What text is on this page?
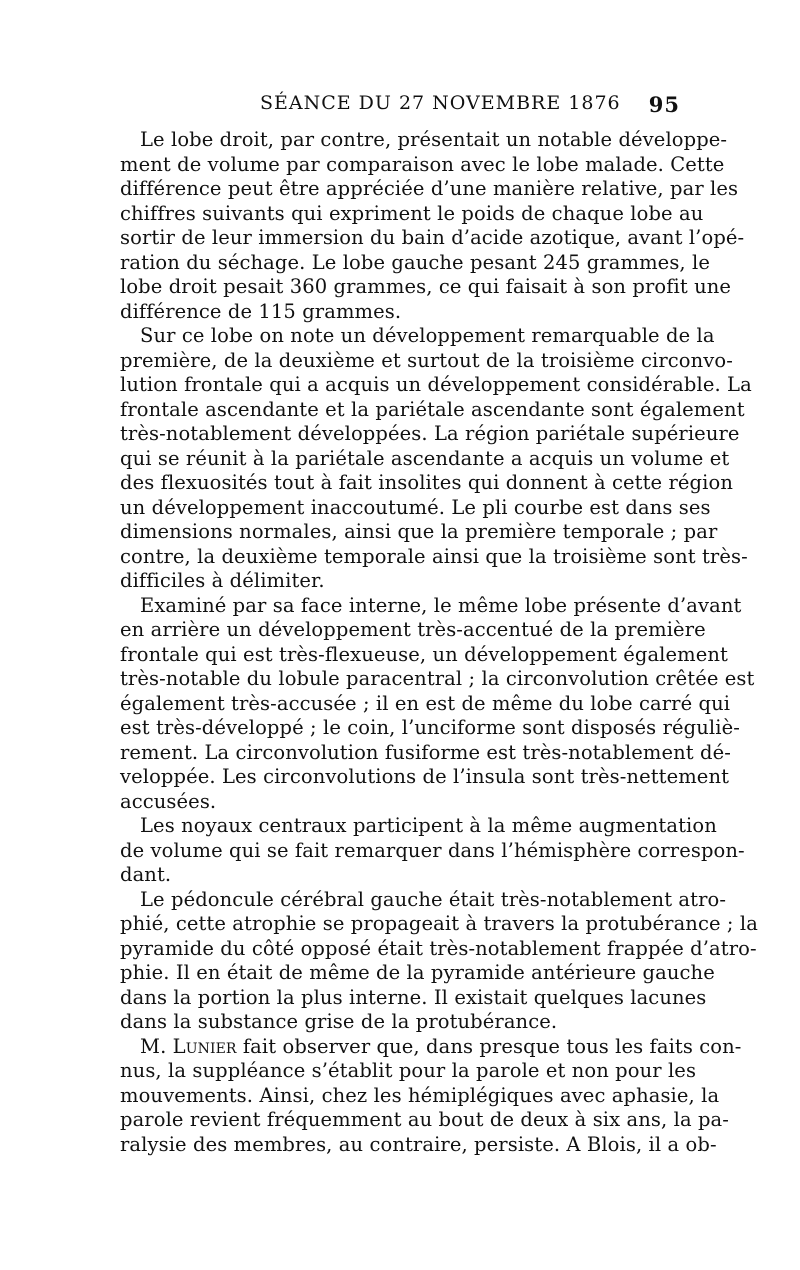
SÉANCE DU 27 NOVEMBRE 1876 95
Le lobe droit, par contre, présentait un notable développe-
ment de volume par comparaison avec le lobe malade. Cette
différence peut être appréciée d’une manière relative, par les
chiffres suivants qui expriment le poids de chaque lobe au
sortir de leur immersion du bain d’acide azotique, avant l’opé-
ration du séchage. Le lobe gauche pesant 245 grammes, le
lobe droit pesait 360 grammes, ce qui faisait à son profit une
différence de 115 grammes.
Sur ce lobe on note un développement remarquable de la
première, de la deuxième et surtout de la troisième circonvo-
lution frontale qui a acquis un développement considérable. La
frontale ascendante et la pariétale ascendante sont également
très-notablement développées. La région pariétale supérieure
qui se réunit à la pariétale ascendante a acquis un volume et
des flexuosités tout à fait insolites qui donnent à cette région
un développement inaccoutumé. Le pli courbe est dans ses
dimensions normales, ainsi que la première temporale ; par
contre, la deuxième temporale ainsi que la troisième sont très-
difficiles à délimiter.
Examiné par sa face interne, le même lobe présente d’avant
en arrière un développement très-accentué de la première
frontale qui est très-flexueuse, un développement également
très-notable du lobule paracentral ; la circonvolution crêtée est
également très-accusée ; il en est de même du lobe carré qui
est très-développé ; le coin, l’unciforme sont disposés réguliè-
rement. La circonvolution fusiforme est très-notablement dé-
veloppée. Les circonvolutions de l’insula sont très-nettement
accusées.
Les noyaux centraux participent à la même augmentation
de volume qui se fait remarquer dans l’hémisphère correspon-
dant.
Le pédoncule cérébral gauche était très-notablement atro-
phié, cette atrophie se propageait à travers la protubérance ; la
pyramide du côté opposé était très-notablement frappée d’atro-
phie. Il en était de même de la pyramide antérieure gauche
dans la portion la plus interne. Il existait quelques lacunes
dans la substance grise de la protubérance.
M. Lunier fait observer que, dans presque tous les faits con-
nus, la suppléance s’établit pour la parole et non pour les
mouvements. Ainsi, chez les hémiplégiques avec aphasie, la
parole revient fréquemment au bout de deux à six ans, la pa-
ralysie des membres, au contraire, persiste. A Blois, il a ob-
